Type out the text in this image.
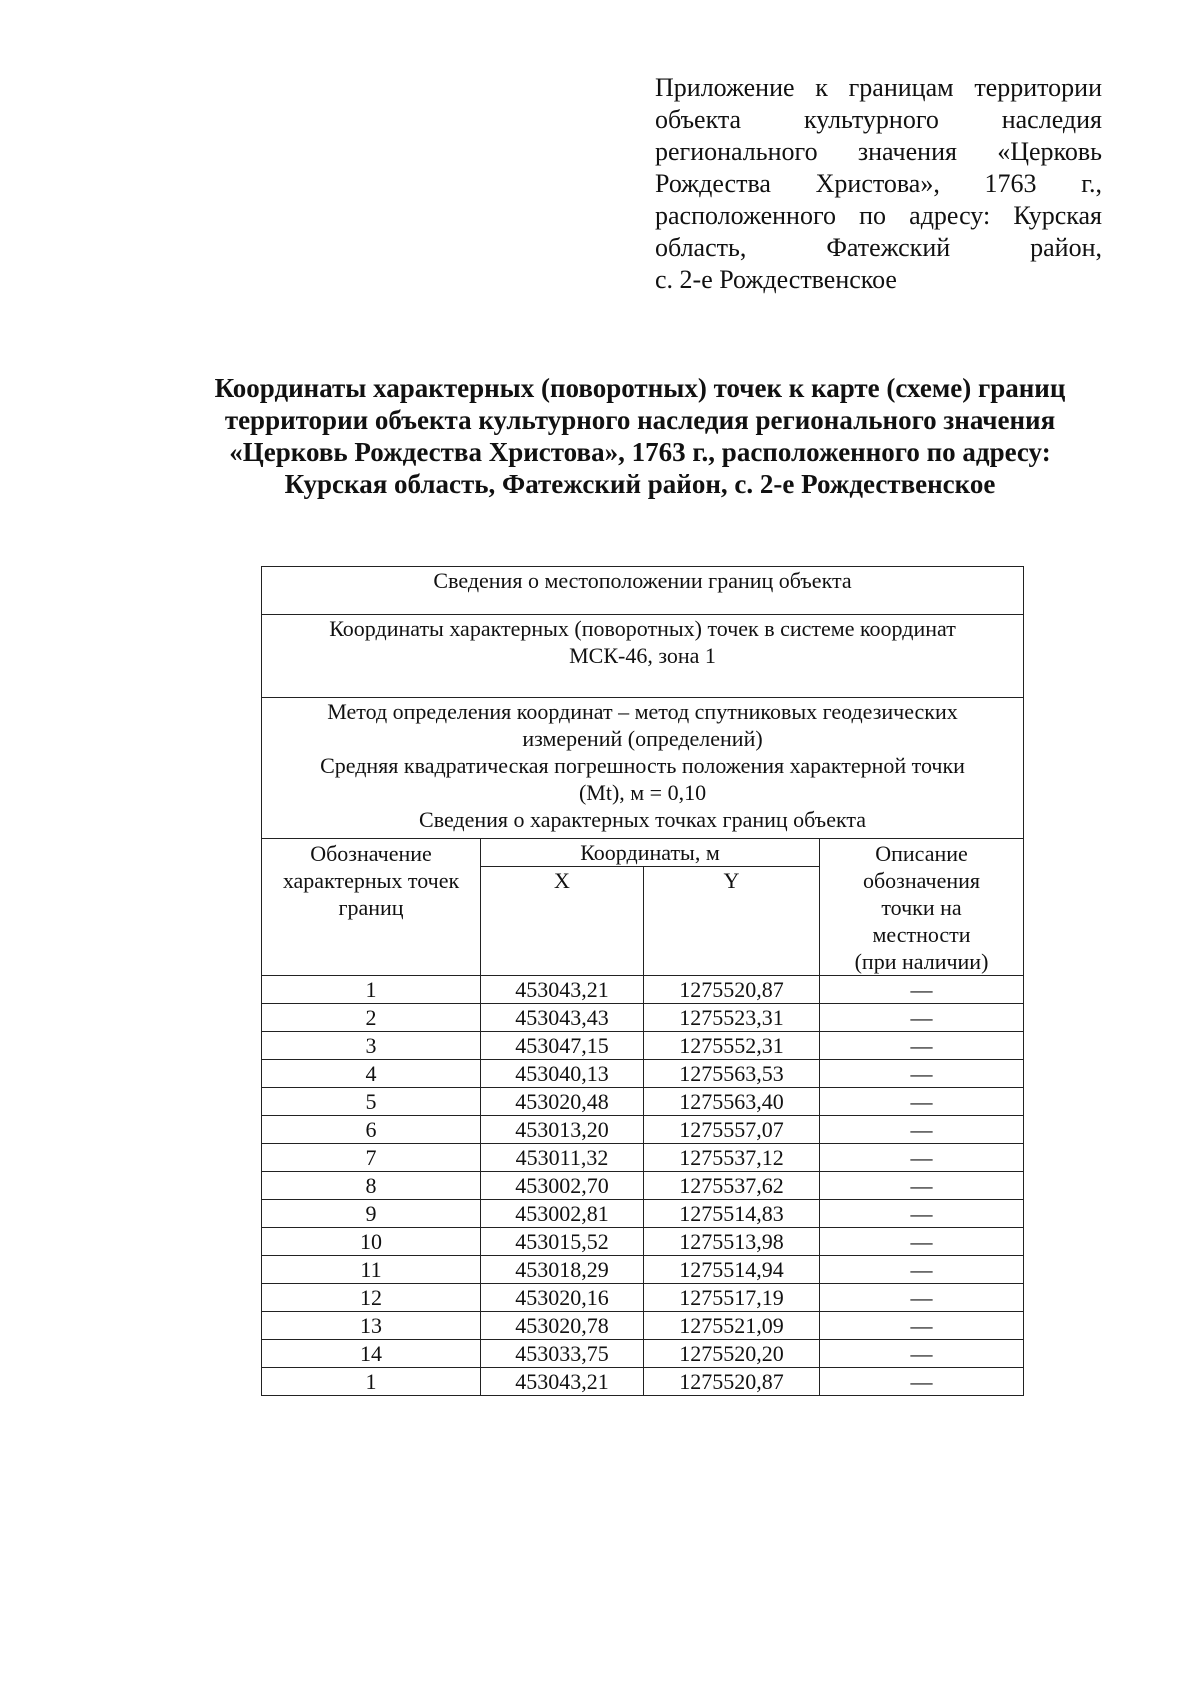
Приложение к границам территории
объекта культурного наследия
регионального значения «Церковь
Рождества Христова», 1763 г.,
расположенного по адресу: Курская
область, Фатежский район,
с. 2-е Рождественское
Координаты характерных (поворотных) точек к карте (схеме) границ
территории объекта культурного наследия регионального значения
«Церковь Рождества Христова», 1763 г., расположенного по адресу:
Курская область, Фатежский район, с. 2-е Рождественское
Сведения о местоположении границ объекта			

Координаты характерных (поворотных) точек в системе координат
МСК-46, зона 1			

Метод определения координат – метод спутниковых геодезических
измерений (определений)
Средняя квадратическая погрешность положения характерной точки
(Mt), м = 0,10
Сведения о характерных точках границ объекта			

Обозначение характерных точек границ	Координаты, м		Описание
обозначения
точки на
местности
(при наличии)

	X	Y	
1	453043,21	1275520,87	—
2	453043,43	1275523,31	—
3	453047,15	1275552,31	—
4	453040,13	1275563,53	—
5	453020,48	1275563,40	—
6	453013,20	1275557,07	—
7	453011,32	1275537,12	—
8	453002,70	1275537,62	—
9	453002,81	1275514,83	—
10	453015,52	1275513,98	—
11	453018,29	1275514,94	—
12	453020,16	1275517,19	—
13	453020,78	1275521,09	—
14	453033,75	1275520,20	—
1	453043,21	1275520,87	—
